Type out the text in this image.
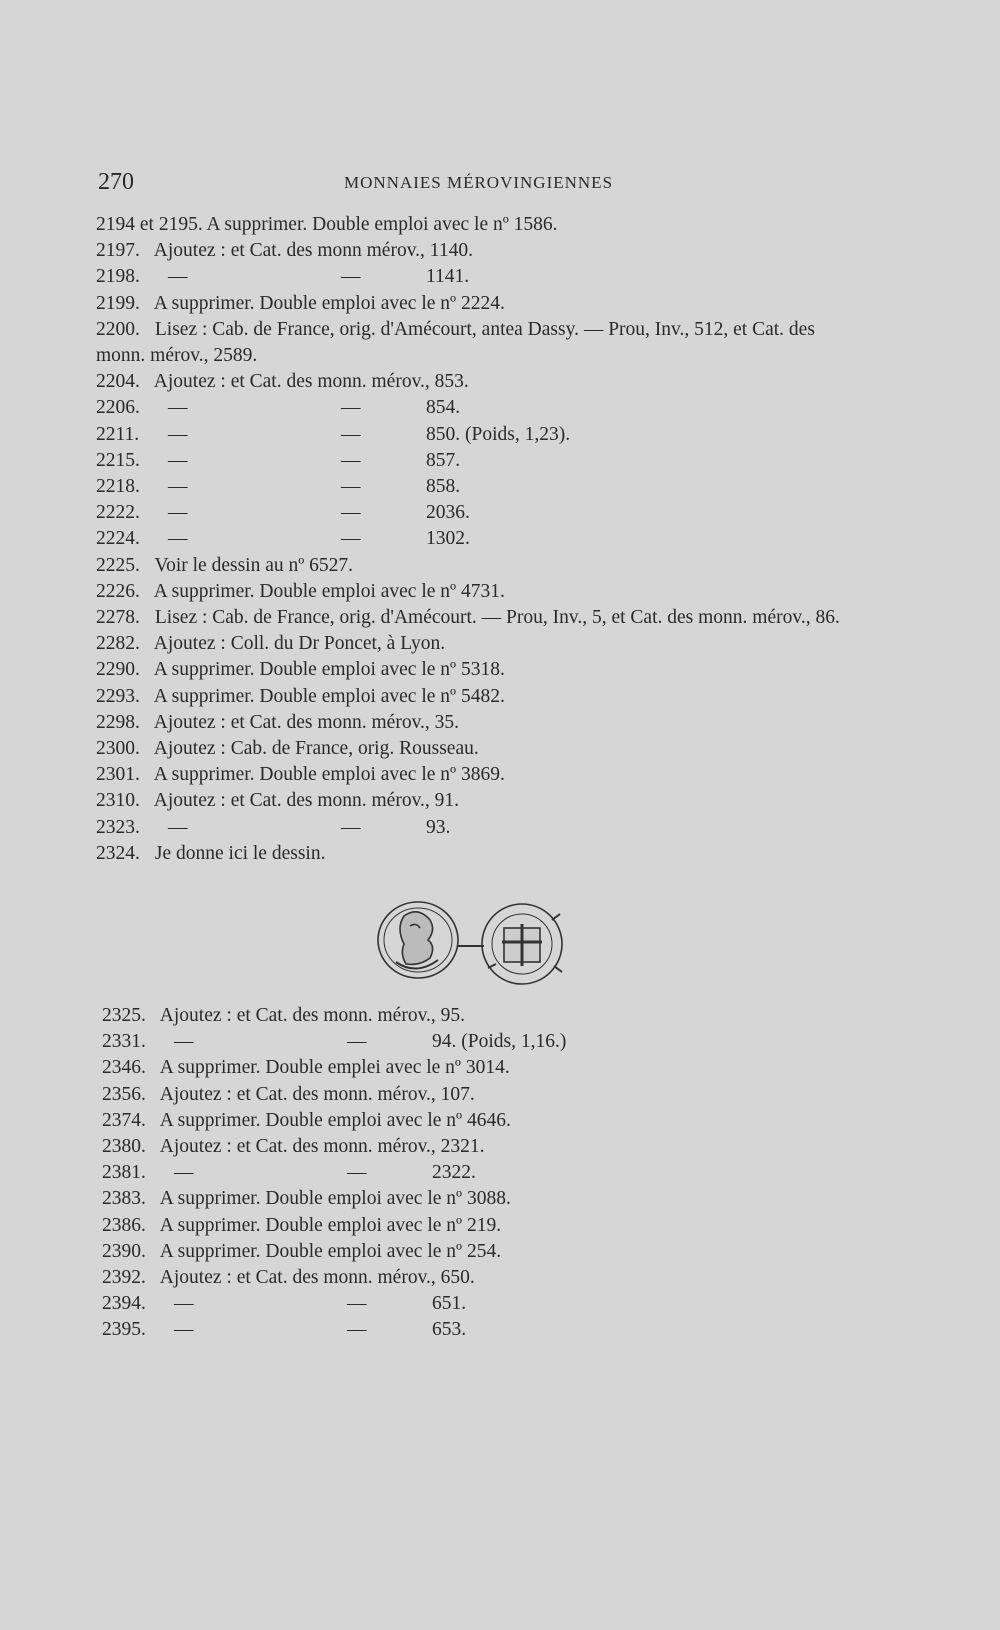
270	MONNAIES MÉROVINGIENNES
2194 et 2195. A supprimer. Double emploi avec le nº 1586.
2197. Ajoutez : et Cat. des monn mérov., 1140.
2198. —	—	1141.
2199. A supprimer. Double emploi avec le nº 2224.
2200. Lisez : Cab. de France, orig. d'Amécourt, antea Dassy. — Prou, Inv., 512, et Cat. des
monn. mérov., 2589.
2204. Ajoutez : et Cat. des monn. mérov., 853.
2206. —	—	854.
2211. —	—	850. (Poids, 1,23).
2215. —	—	857.
2218. —	—	858.
2222. —	—	2036.
2224. —	—	1302.
2225. Voir le dessin au nº 6527.
2226. A supprimer. Double emploi avec le nº 4731.
2278. Lisez : Cab. de France, orig. d'Amécourt. — Prou, Inv., 5, et Cat. des monn. mérov., 86.
2282. Ajoutez : Coll. du Dr Poncet, à Lyon.
2290. A supprimer. Double emploi avec le nº 5318.
2293. A supprimer. Double emploi avec le nº 5482.
2298. Ajoutez : et Cat. des monn. mérov., 35.
2300. Ajoutez : Cab. de France, orig. Rousseau.
2301. A supprimer. Double emploi avec le nº 3869.
2310. Ajoutez : et Cat. des monn. mérov., 91.
2323. —	—	93.
2324. Je donne ici le dessin.
2325. Ajoutez : et Cat. des monn. mérov., 95.
2331. —	—	94. (Poids, 1,16.)
2346. A supprimer. Double emplei avec le nº 3014.
2356. Ajoutez : et Cat. des monn. mérov., 107.
2374. A supprimer. Double emploi avec le nº 4646.
2380. Ajoutez : et Cat. des monn. mérov., 2321.
2381. —	—	2322.
2383. A supprimer. Double emploi avec le nº 3088.
2386. A supprimer. Double emploi avec le nº 219.
2390. A supprimer. Double emploi avec le nº 254.
2392. Ajoutez : et Cat. des monn. mérov., 650.
2394. —	—	651.
2395. —	—	653.
